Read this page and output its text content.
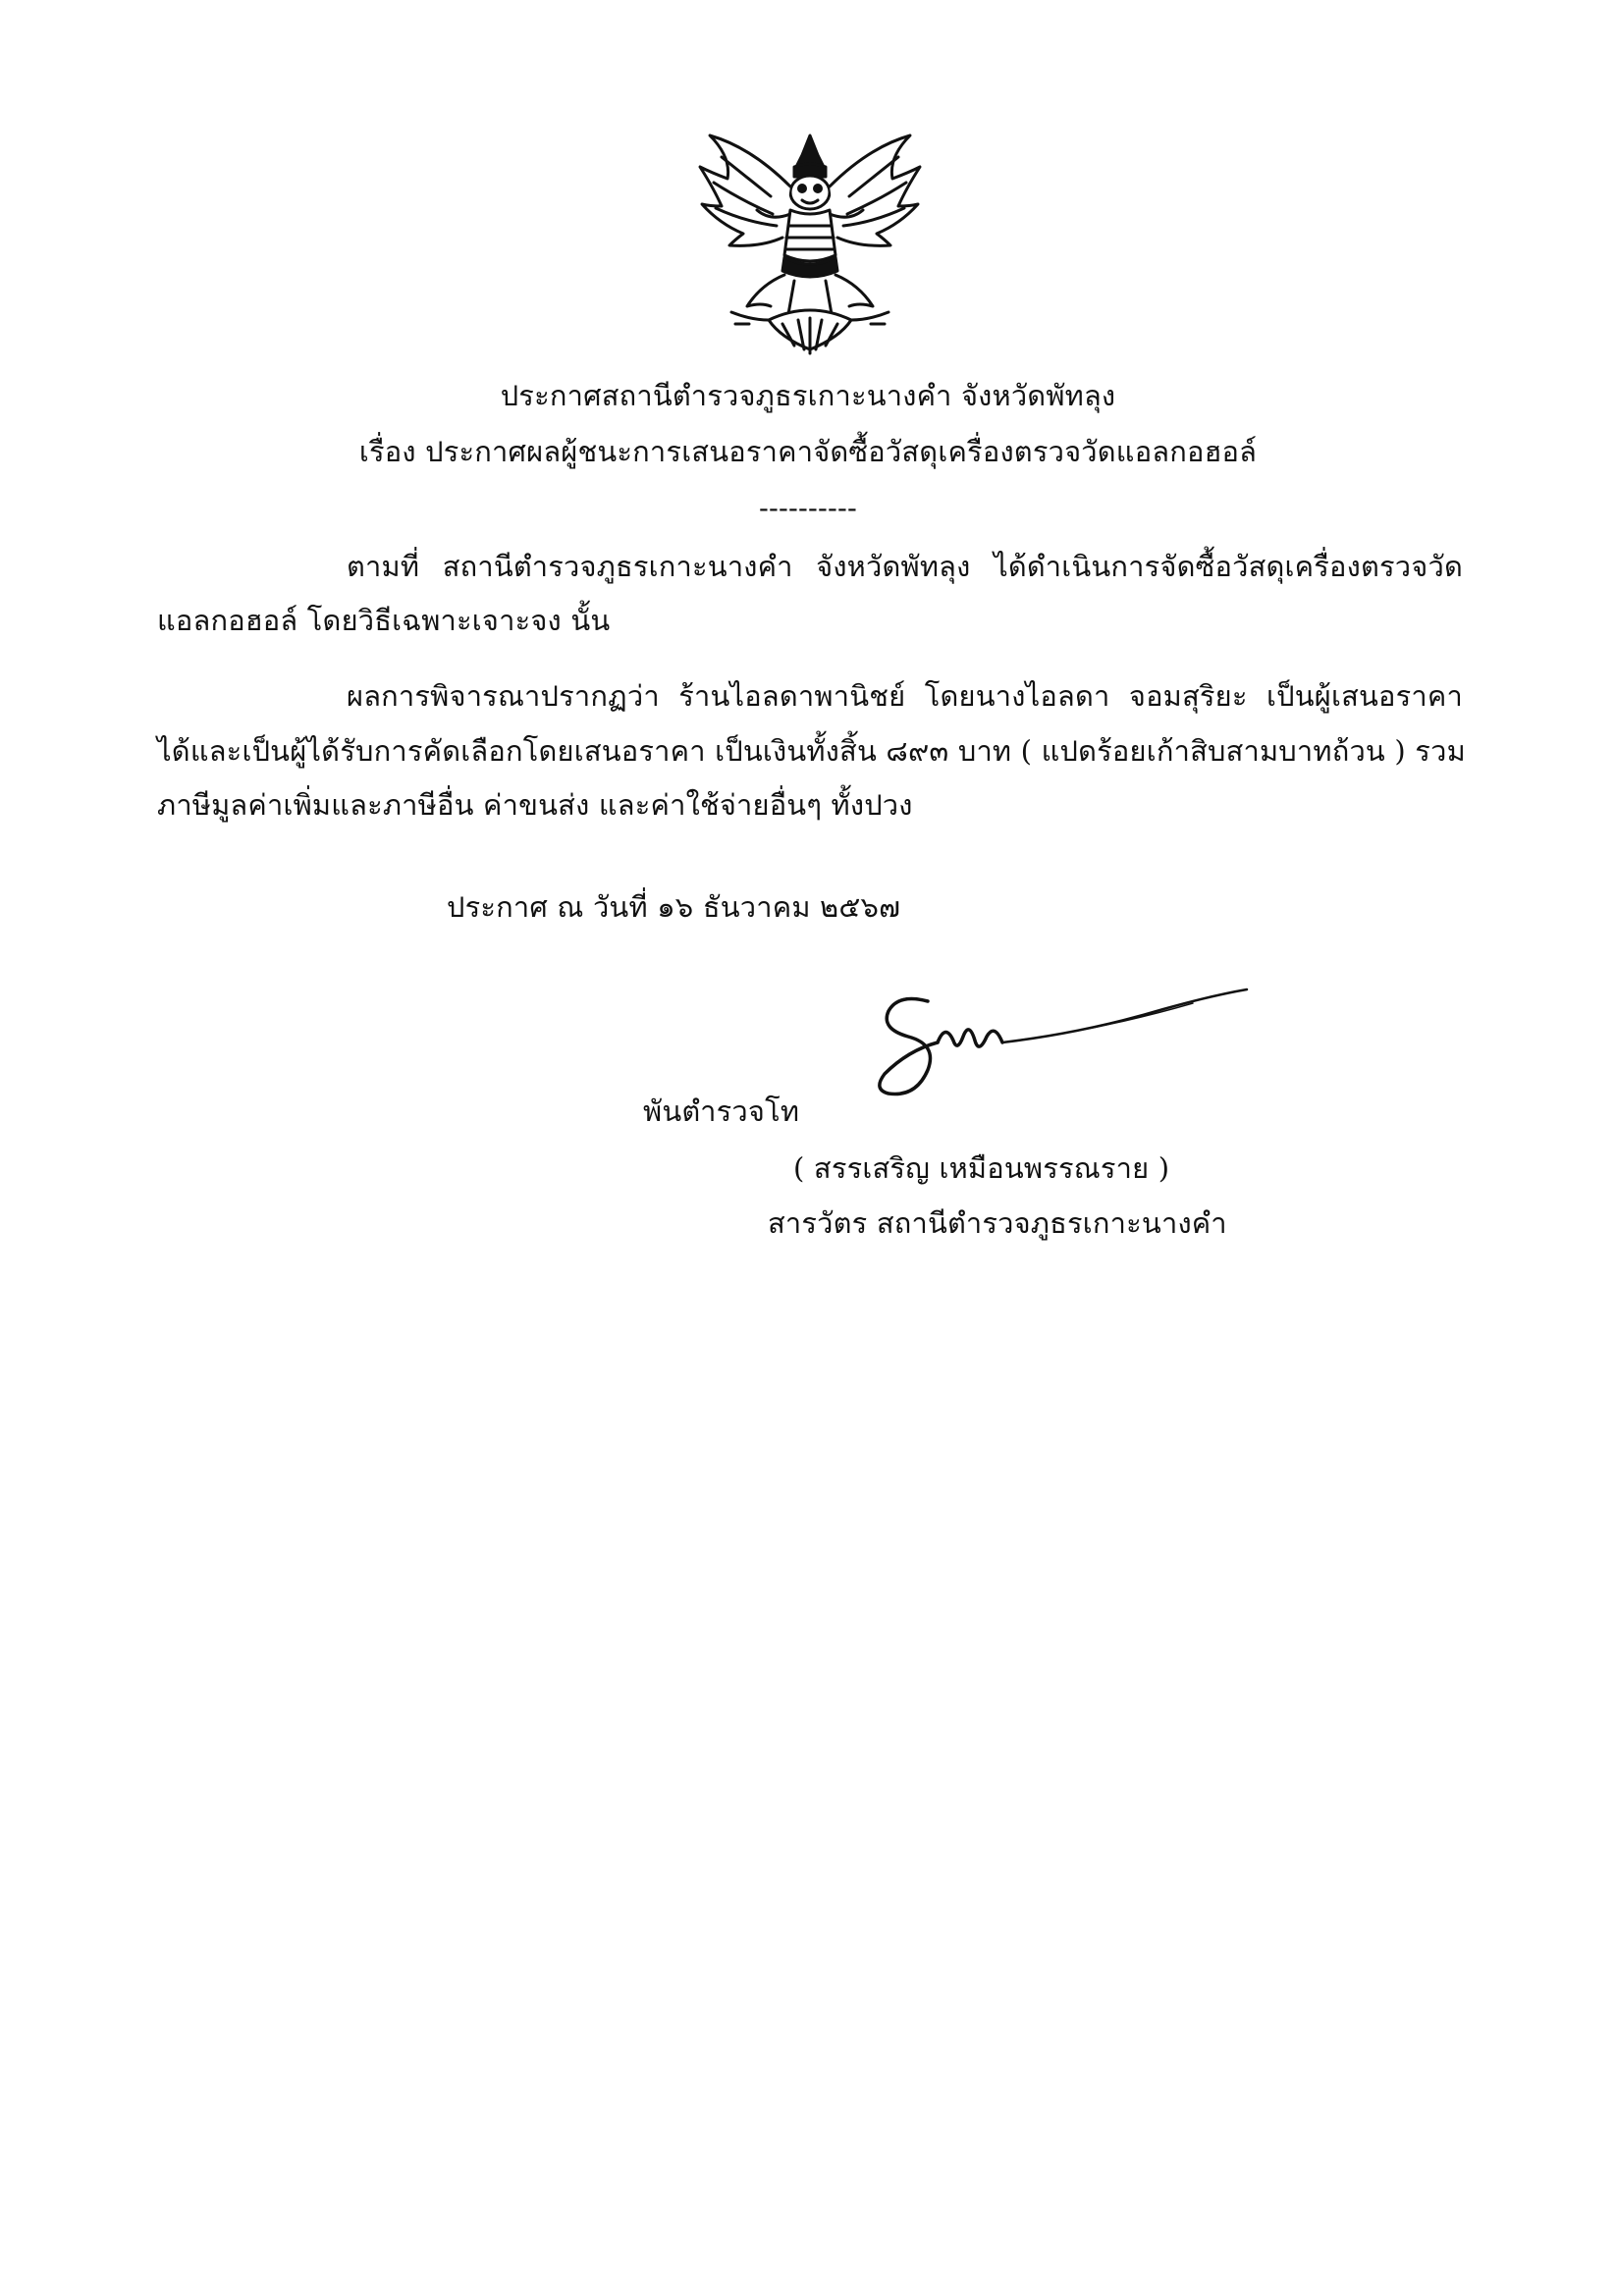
ประกาศสถานีตำรวจภูธรเกาะนางคำ จังหวัดพัทลุง
เรื่อง ประกาศผลผู้ชนะการเสนอราคาจัดซื้อวัสดุเครื่องตรวจวัดแอลกอฮอล์
----------
ตามที่ สถานีตำรวจภูธรเกาะนางคำ จังหวัดพัทลุง ได้ดำเนินการจัดซื้อวัสดุเครื่องตรวจวัด
แอลกอฮอล์ โดยวิธีเฉพาะเจาะจง นั้น
ผลการพิจารณาปรากฏว่า ร้านไอลดาพานิชย์ โดยนางไอลดา จอมสุริยะ เป็นผู้เสนอราคา
ได้และเป็นผู้ได้รับการคัดเลือกโดยเสนอราคา เป็นเงินทั้งสิ้น ๘๙๓ บาท ( แปดร้อยเก้าสิบสามบาทถ้วน ) รวม
ภาษีมูลค่าเพิ่มและภาษีอื่น ค่าขนส่ง และค่าใช้จ่ายอื่นๆ ทั้งปวง
ประกาศ ณ วันที่ ๑๖ ธันวาคม ๒๕๖๗
พันตำรวจโท
( สรรเสริญ เหมือนพรรณราย )
สารวัตร สถานีตำรวจภูธรเกาะนางคำ
